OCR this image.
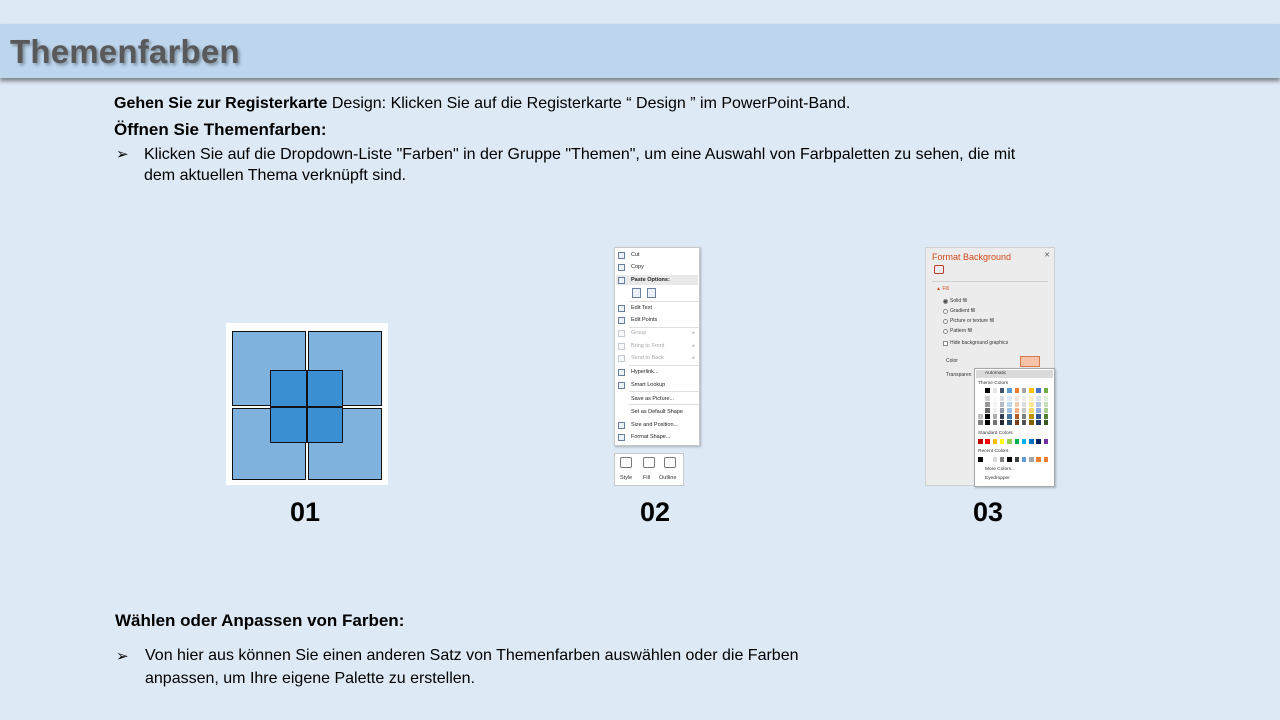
Themenfarben
Gehen Sie zur Registerkarte Design: Klicken Sie auf die Registerkarte “ Design ” im PowerPoint-Band.
Öffnen Sie Themenfarben:
➢ Klicken Sie auf die Dropdown-Liste "Farben" in der Gruppe "Themen", um eine Auswahl von Farbpaletten zu sehen, die mit
dem aktuellen Thema verknüpft sind.
Cut
Copy
Paste Options:
Edit Text
Edit Points
Group	▸
Bring to Front	▸
Send to Back	▸
Hyperlink...
Smart Lookup
Save as Picture...
Set as Default Shape
Size and Position...
Format Shape...
Style Fill Outline
Format Background	✕
▲ Fill
Solid fill
Gradient fill
Picture or texture fill
Pattern fill
Hide background graphics
Color
Transparen	Automatic
Theme Colors
Standard Colors
Recent Colors
More Colors...
Eyedropper
01	02	03
Wählen oder Anpassen von Farben:
➢ Von hier aus können Sie einen anderen Satz von Themenfarben auswählen oder die Farben
anpassen, um Ihre eigene Palette zu erstellen.
